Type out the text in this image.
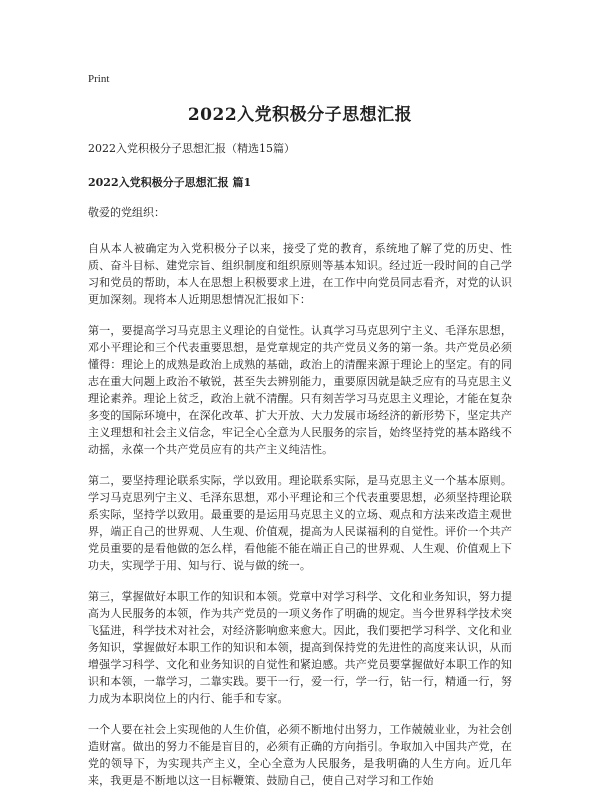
Print
2022入党积极分子思想汇报
2022入党积极分子思想汇报（精选15篇）
2022入党积极分子思想汇报 篇1
敬爱的党组织：

自从本人被确定为入党积极分子以来，接受了党的教育，系统地了解了党的历史、性质、奋斗目标、建党宗旨、组织制度和组织原则等基本知识。经过近一段时间的自己学习和党员的帮助，本人在思想上积极要求上进，在工作中向党员同志看齐，对党的认识更加深刻。现将本人近期思想情况汇报如下：

第一，要提高学习马克思主义理论的自觉性。认真学习马克思列宁主义、毛泽东思想，邓小平理论和三个代表重要思想，是党章规定的共产党员义务的第一条。共产党员必须懂得：理论上的成熟是政治上成熟的基础，政治上的清醒来源于理论上的坚定。有的同志在重大问题上政治不敏锐，甚至失去辨别能力，重要原因就是缺乏应有的马克思主义理论素养。理论上贫乏，政治上就不清醒。只有刻苦学习马克思主义理论，才能在复杂多变的国际环境中，在深化改革、扩大开放、大力发展市场经济的新形势下，坚定共产主义理想和社会主义信念，牢记全心全意为人民服务的宗旨，始终坚持党的基本路线不动摇，永葆一个共产党员应有的共产主义纯洁性。

第二，要坚持理论联系实际，学以致用。理论联系实际，是马克思主义一个基本原则。学习马克思列宁主义、毛泽东思想，邓小平理论和三个代表重要思想，必须坚持理论联系实际，坚持学以致用。最重要的是运用马克思主义的立场、观点和方法来改造主观世界，端正自己的世界观、人生观、价值观，提高为人民谋福利的自觉性。评价一个共产党员重要的是看他做的怎么样，看他能不能在端正自己的世界观、人生观、价值观上下功夫，实现学于用、知与行、说与做的统一。

第三，掌握做好本职工作的知识和本领。党章中对学习科学、文化和业务知识，努力提高为人民服务的本领，作为共产党员的一项义务作了明确的规定。当今世界科学技术突飞猛进，科学技术对社会，对经济影响愈来愈大。因此，我们要把学习科学、文化和业务知识，掌握做好本职工作的知识和本领，提高到保持党的先进性的高度来认识，从而增强学习科学、文化和业务知识的自觉性和紧迫感。共产党员要掌握做好本职工作的知识和本领，一靠学习，二靠实践。要干一行，爱一行，学一行，钻一行，精通一行，努力成为本职岗位上的内行、能手和专家。

一个人要在社会上实现他的人生价值，必须不断地付出努力，工作兢兢业业，为社会创造财富。做出的努力不能是盲目的，必须有正确的方向指引。争取加入中国共产党，在党的领导下，为实现共产主义，全心全意为人民服务，是我明确的人生方向。近几年来，我更是不断地以这一目标鞭策、鼓励自己，使自己对学习和工作始
